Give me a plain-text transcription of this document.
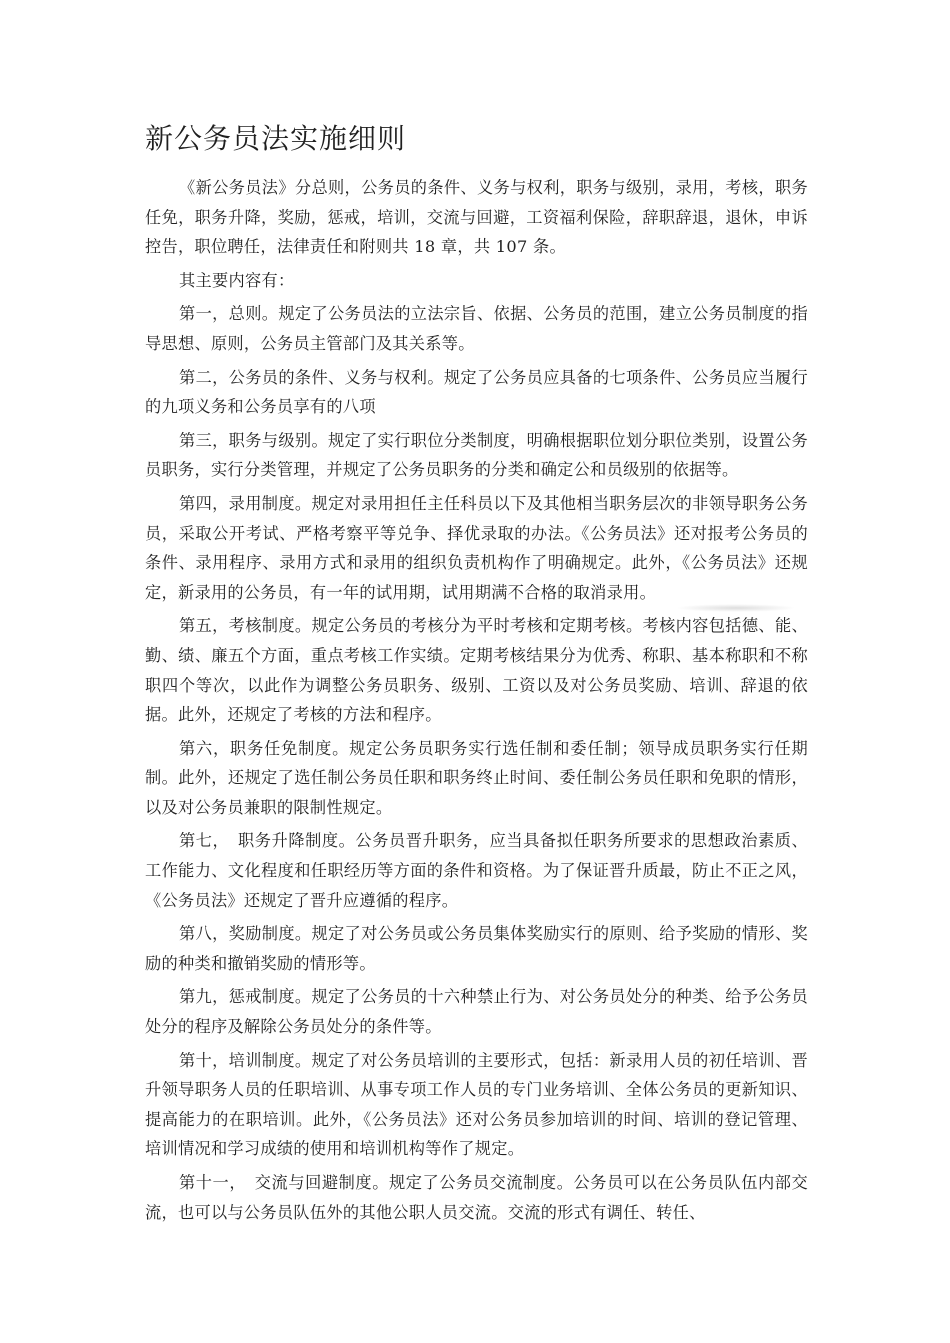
新公务员法实施细则

《新公务员法》分总则，公务员的条件、义务与权利，职务与级别，录用，考核，职务任免，职务升降，奖励，惩戒，培训，交流与回避，工资福利保险，辞职辞退，退休，申诉控告，职位聘任，法律责任和附则共 18 章，共 107 条。

其主要内容有：

第一，总则。规定了公务员法的立法宗旨、依据、公务员的范围，建立公务员制度的指导思想、原则，公务员主管部门及其关系等。

第二，公务员的条件、义务与权利。规定了公务员应具备的七项条件、公务员应当履行的九项义务和公务员享有的八项

第三，职务与级别。规定了实行职位分类制度，明确根据职位划分职位类别，设置公务员职务，实行分类管理，并规定了公务员职务的分类和确定公和员级别的依据等。

第四，录用制度。规定对录用担任主任科员以下及其他相当职务层次的非领导职务公务员，采取公开考试、严格考察平等兑争、择优录取的办法。《公务员法》还对报考公务员的条件、录用程序、录用方式和录用的组织负责机构作了明确规定。此外，《公务员法》还规定，新录用的公务员，有一年的试用期，试用期满不合格的取消录用。

第五，考核制度。规定公务员的考核分为平时考核和定期考核。考核内容包括德、能、勤、绩、廉五个方面，重点考核工作实绩。定期考核结果分为优秀、称职、基本称职和不称职四个等次，以此作为调整公务员职务、级别、工资以及对公务员奖励、培训、辞退的依据。此外，还规定了考核的方法和程序。

第六，职务任免制度。规定公务员职务实行选任制和委任制；领导成员职务实行任期制。此外，还规定了选任制公务员任职和职务终止时间、委任制公务员任职和免职的情形，以及对公务员兼职的限制性规定。

第七，　职务升降制度。公务员晋升职务，应当具备拟任职务所要求的思想政治素质、工作能力、文化程度和任职经历等方面的条件和资格。为了保证晋升质最，防止不正之风，《公务员法》还规定了晋升应遵循的程序。

第八，奖励制度。规定了对公务员或公务员集体奖励实行的原则、给予奖励的情形、奖励的种类和撤销奖励的情形等。

第九，惩戒制度。规定了公务员的十六种禁止行为、对公务员处分的种类、给予公务员处分的程序及解除公务员处分的条件等。

第十，培训制度。规定了对公务员培训的主要形式，包括：新录用人员的初任培训、晋升领导职务人员的任职培训、从事专项工作人员的专门业务培训、全体公务员的更新知识、提高能力的在职培训。此外，《公务员法》还对公务员参加培训的时间、培训的登记管理、培训情况和学习成绩的使用和培训机构等作了规定。

第十一，　交流与回避制度。规定了公务员交流制度。公务员可以在公务员队伍内部交流，也可以与公务员队伍外的其他公职人员交流。交流的形式有调任、转任、
